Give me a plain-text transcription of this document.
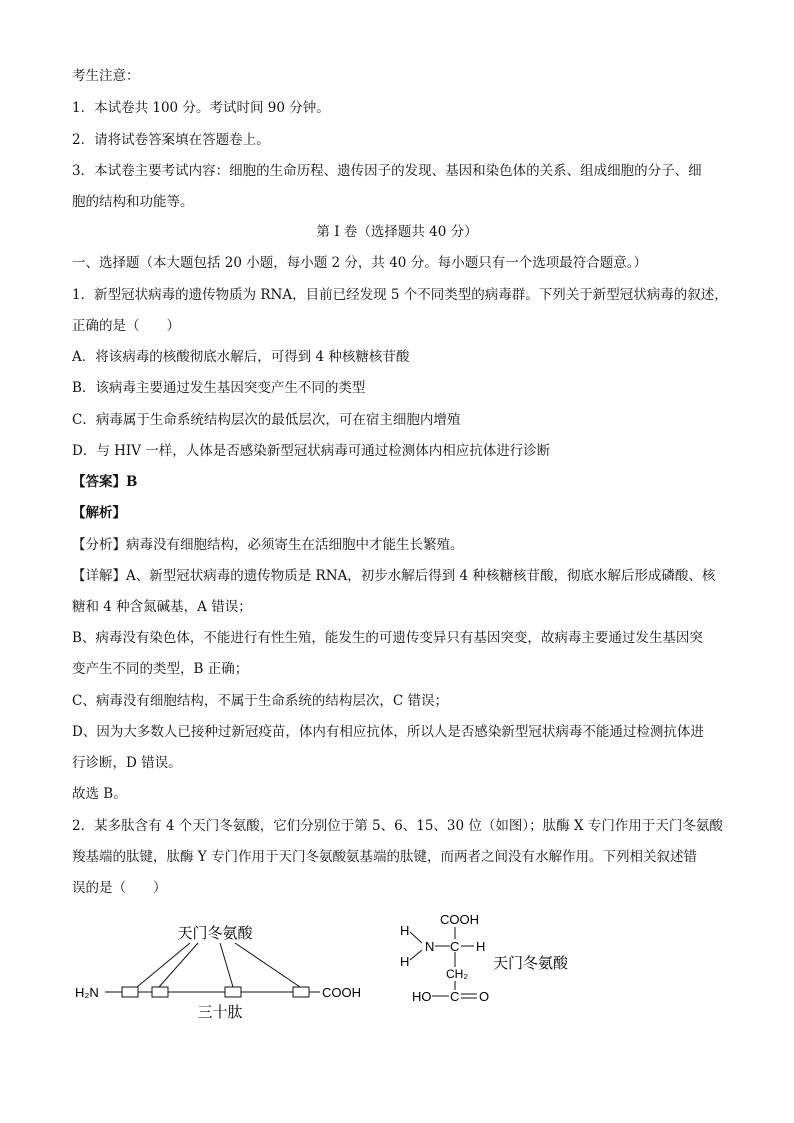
考生注意：
1．本试卷共 100 分。考试时间 90 分钟。
2．请将试卷答案填在答题卷上。
3．本试卷主要考试内容：细胞的生命历程、遗传因子的发现、基因和染色体的关系、组成细胞的分子、细
胞的结构和功能等。
第 I 卷（选择题共 40 分）
一、选择题（本大题包括 20 小题，每小题 2 分，共 40 分。每小题只有一个选项最符合题意。）
1．新型冠状病毒的遗传物质为 RNA，目前已经发现 5 个不同类型的病毒群。下列关于新型冠状病毒的叙述，
正确的是（　　）
A．将该病毒的核酸彻底水解后，可得到 4 种核糖核苷酸
B．该病毒主要通过发生基因突变产生不同的类型
C．病毒属于生命系统结构层次的最低层次，可在宿主细胞内增殖
D．与 HIV 一样，人体是否感染新型冠状病毒可通过检测体内相应抗体进行诊断
【答案】B
【解析】
【分析】病毒没有细胞结构，必须寄生在活细胞中才能生长繁殖。
【详解】A、新型冠状病毒的遗传物质是 RNA，初步水解后得到 4 种核糖核苷酸，彻底水解后形成磷酸、核
糖和 4 种含氮碱基，A 错误；
B、病毒没有染色体，不能进行有性生殖，能发生的可遗传变异只有基因突变，故病毒主要通过发生基因突
变产生不同的类型，B 正确；
C、病毒没有细胞结构，不属于生命系统的结构层次，C 错误；
D、因为大多数人已接种过新冠疫苗，体内有相应抗体，所以人是否感染新型冠状病毒不能通过检测抗体进
行诊断，D 错误。
故选 B。
2．某多肽含有 4 个天门冬氨酸，它们分别位于第 5、6、15、30 位（如图）；肽酶 X 专门作用于天门冬氨酸
羧基端的肽键，肽酶 Y 专门作用于天门冬氨酸氨基端的肽键，而两者之间没有水解作用。下列相关叙述错
误的是（　　）
天门冬氨酸
H₂N	COOH
三十肽
H
H
N C H
COOH
CH₂
HO C O
天门冬氨酸
